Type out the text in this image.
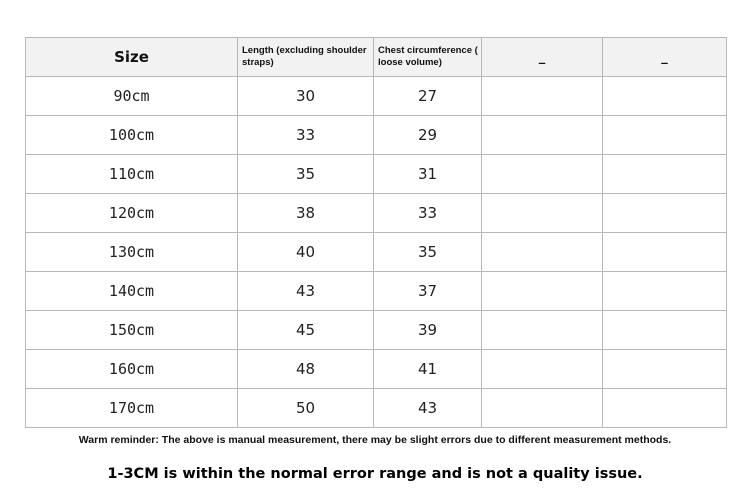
Size	Length (excluding shoulder straps)	Chest circumference ( loose volume)	_	_
90cm	30	27		
100cm	33	29		
110cm	35	31		
120cm	38	33		
130cm	40	35		
140cm	43	37		
150cm	45	39		
160cm	48	41		
170cm	50	43		
Warm reminder: The above is manual measurement, there may be slight errors due to different measurement methods.
1-3CM is within the normal error range and is not a quality issue.
